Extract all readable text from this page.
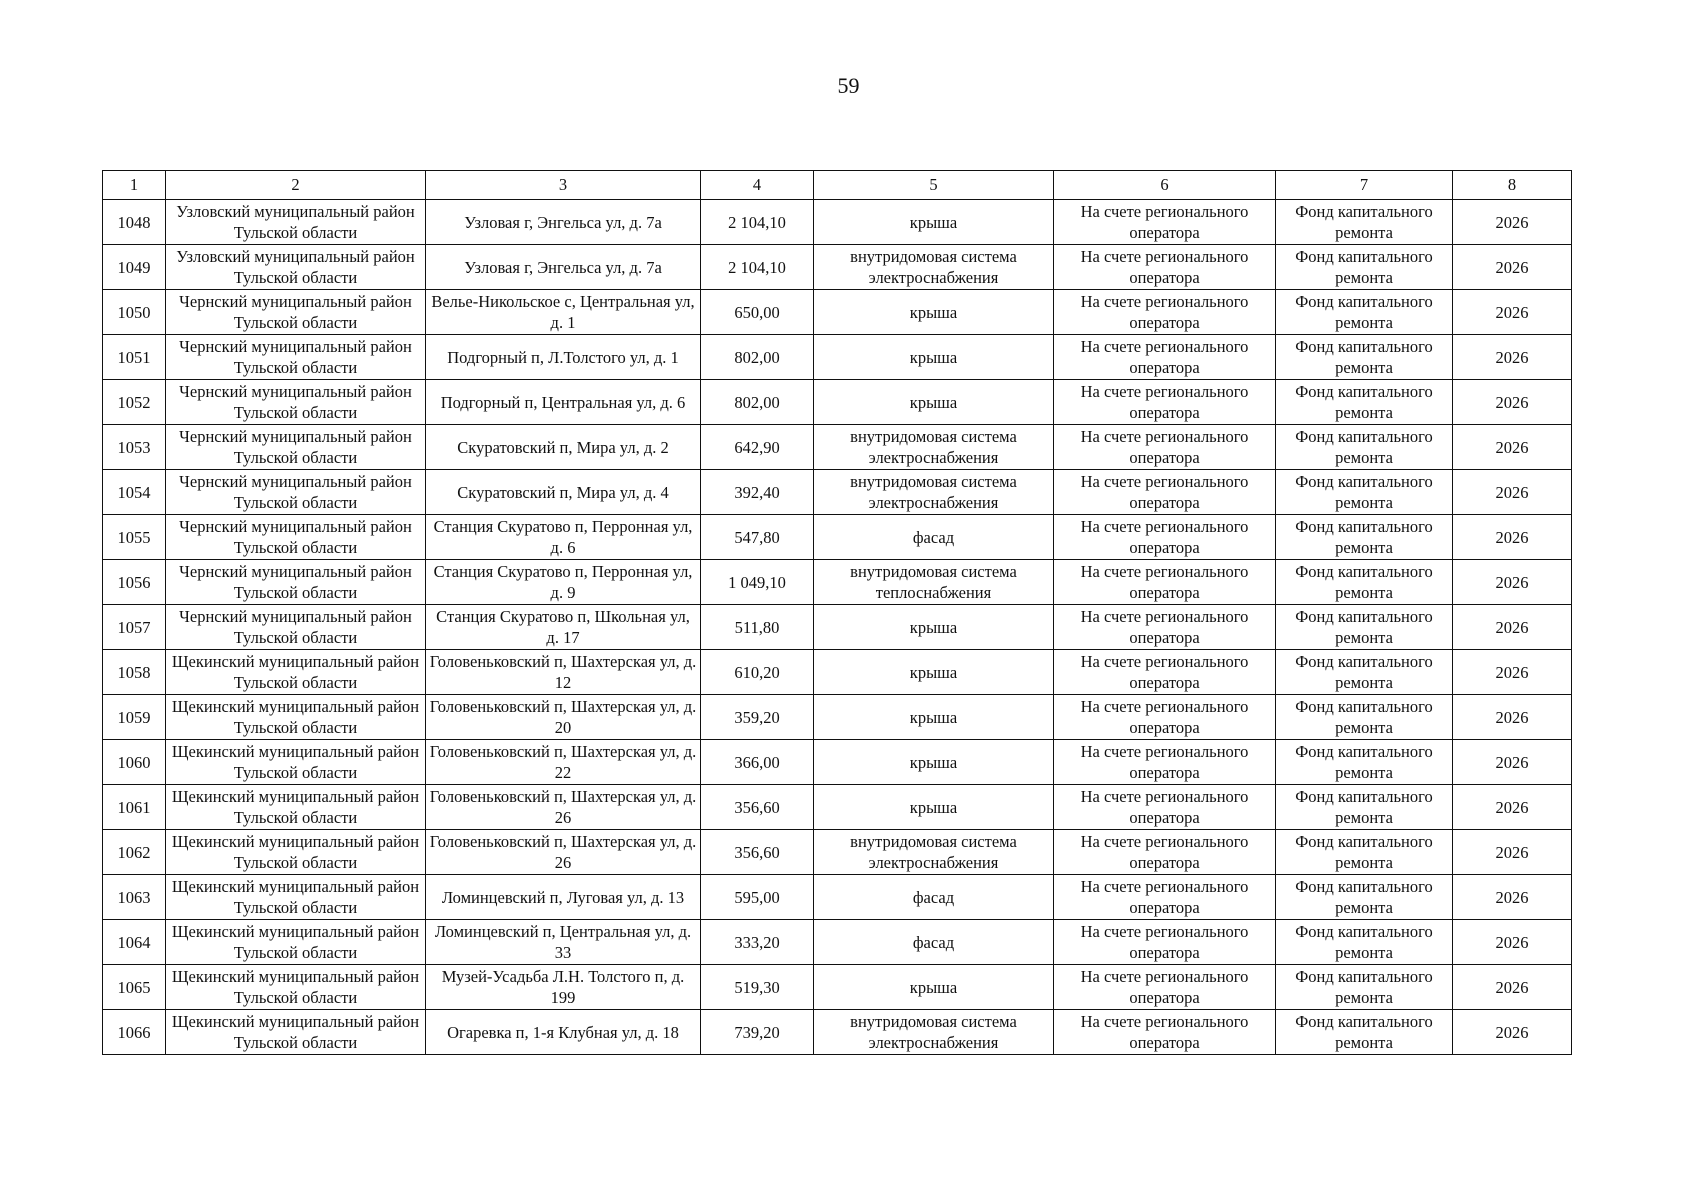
59
1	2	3	4	5	6	7	8
1048	Узловский муниципальный район Тульской области	Узловая г, Энгельса ул, д. 7а	2 104,10	крыша	На счете регионального оператора	Фонд капитального ремонта	2026
1049	Узловский муниципальный район Тульской области	Узловая г, Энгельса ул, д. 7а	2 104,10	внутридомовая система электроснабжения	На счете регионального оператора	Фонд капитального ремонта	2026
1050	Чернский муниципальный район Тульской области	Велье-Никольское с, Центральная ул, д. 1	650,00	крыша	На счете регионального оператора	Фонд капитального ремонта	2026
1051	Чернский муниципальный район Тульской области	Подгорный п, Л.Толстого ул, д. 1	802,00	крыша	На счете регионального оператора	Фонд капитального ремонта	2026
1052	Чернский муниципальный район Тульской области	Подгорный п, Центральная ул, д. 6	802,00	крыша	На счете регионального оператора	Фонд капитального ремонта	2026
1053	Чернский муниципальный район Тульской области	Скуратовский п, Мира ул, д. 2	642,90	внутридомовая система электроснабжения	На счете регионального оператора	Фонд капитального ремонта	2026
1054	Чернский муниципальный район Тульской области	Скуратовский п, Мира ул, д. 4	392,40	внутридомовая система электроснабжения	На счете регионального оператора	Фонд капитального ремонта	2026
1055	Чернский муниципальный район Тульской области	Станция Скуратово п, Перронная ул, д. 6	547,80	фасад	На счете регионального оператора	Фонд капитального ремонта	2026
1056	Чернский муниципальный район Тульской области	Станция Скуратово п, Перронная ул, д. 9	1 049,10	внутридомовая система теплоснабжения	На счете регионального оператора	Фонд капитального ремонта	2026
1057	Чернский муниципальный район Тульской области	Станция Скуратово п, Школьная ул, д. 17	511,80	крыша	На счете регионального оператора	Фонд капитального ремонта	2026
1058	Щекинский муниципальный район Тульской области	Головеньковский п, Шахтерская ул, д. 12	610,20	крыша	На счете регионального оператора	Фонд капитального ремонта	2026
1059	Щекинский муниципальный район Тульской области	Головеньковский п, Шахтерская ул, д. 20	359,20	крыша	На счете регионального оператора	Фонд капитального ремонта	2026
1060	Щекинский муниципальный район Тульской области	Головеньковский п, Шахтерская ул, д. 22	366,00	крыша	На счете регионального оператора	Фонд капитального ремонта	2026
1061	Щекинский муниципальный район Тульской области	Головеньковский п, Шахтерская ул, д. 26	356,60	крыша	На счете регионального оператора	Фонд капитального ремонта	2026
1062	Щекинский муниципальный район Тульской области	Головеньковский п, Шахтерская ул, д. 26	356,60	внутридомовая система электроснабжения	На счете регионального оператора	Фонд капитального ремонта	2026
1063	Щекинский муниципальный район Тульской области	Ломинцевский п, Луговая ул, д. 13	595,00	фасад	На счете регионального оператора	Фонд капитального ремонта	2026
1064	Щекинский муниципальный район Тульской области	Ломинцевский п, Центральная ул, д. 33	333,20	фасад	На счете регионального оператора	Фонд капитального ремонта	2026
1065	Щекинский муниципальный район Тульской области	Музей-Усадьба Л.Н. Толстого п, д. 199	519,30	крыша	На счете регионального оператора	Фонд капитального ремонта	2026
1066	Щекинский муниципальный район Тульской области	Огаревка п, 1-я Клубная ул, д. 18	739,20	внутридомовая система электроснабжения	На счете регионального оператора	Фонд капитального ремонта	2026
